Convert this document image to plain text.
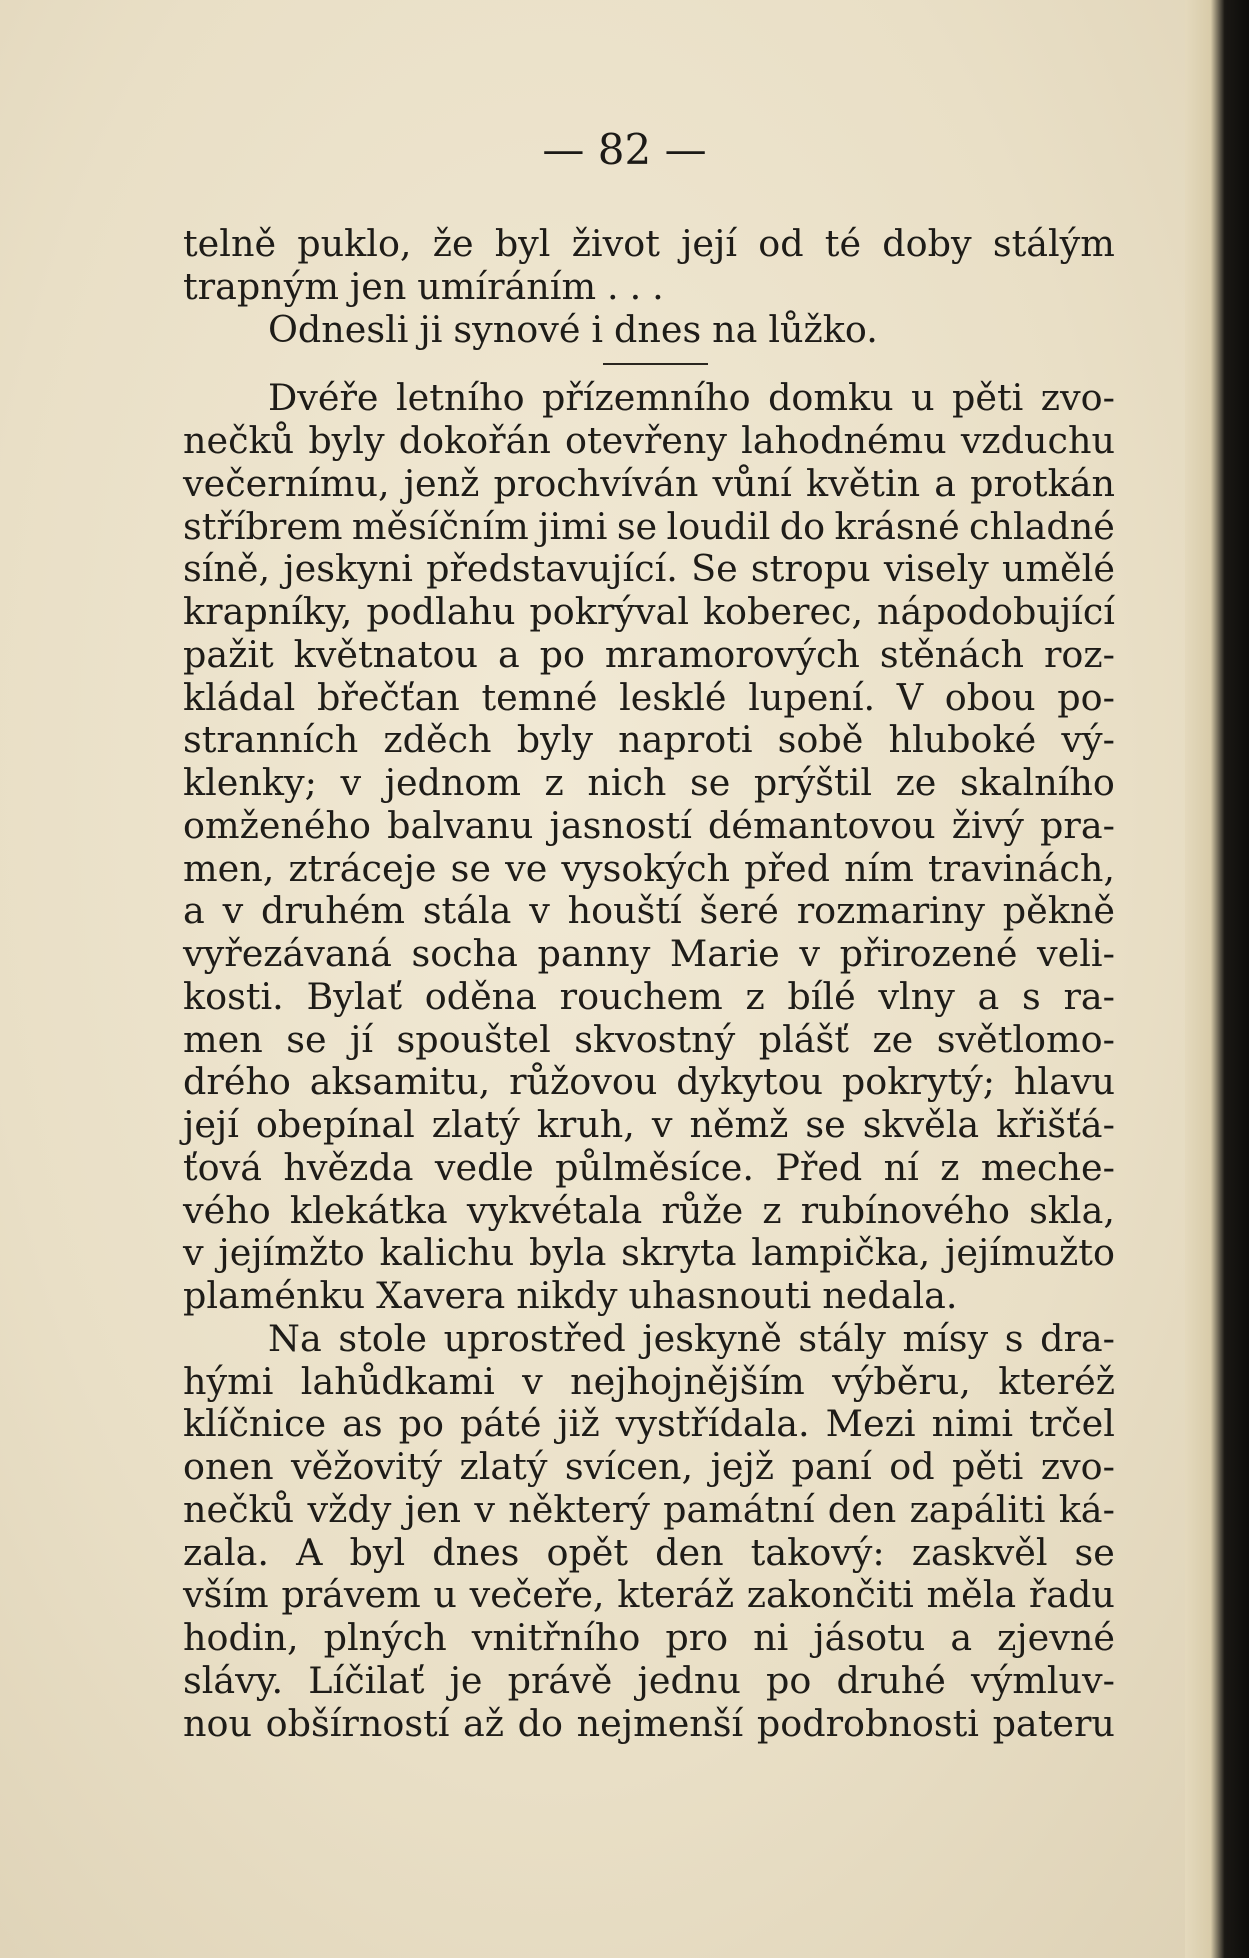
— 82 —
telně puklo, že byl život její od té doby stálým
trapným jen umíráním . . .
Odnesli ji synové i dnes na lůžko.
Dvéře letního přízemního domku u pěti zvo-
nečků byly dokořán otevřeny lahodnému vzduchu
večernímu, jenž prochvíván vůní květin a protkán
stříbrem měsíčním jimi se loudil do krásné chladné
síně, jeskyni představující. Se stropu visely umělé
krapníky, podlahu pokrýval koberec, nápodobující
pažit květnatou a po mramorových stěnách roz-
kládal břečťan temné lesklé lupení. V obou po-
stranních zděch byly naproti sobě hluboké vý-
klenky; v jednom z nich se prýštil ze skalního
omženého balvanu jasností démantovou živý pra-
men, ztráceje se ve vysokých před ním travinách,
a v druhém stála v houští šeré rozmariny pěkně
vyřezávaná socha panny Marie v přirozené veli-
kosti. Bylať oděna rouchem z bílé vlny a s ra-
men se jí spouštel skvostný plášť ze světlomo-
drého aksamitu, růžovou dykytou pokrytý; hlavu
její obepínal zlatý kruh, v němž se skvěla křišťá-
ťová hvězda vedle půlměsíce. Před ní z meche-
vého klekátka vykvétala růže z rubínového skla,
v jejímžto kalichu byla skryta lampička, jejímužto
plaménku Xavera nikdy uhasnouti nedala.
Na stole uprostřed jeskyně stály mísy s dra-
hými lahůdkami v nejhojnějším výběru, kteréž
klíčnice as po páté již vystřídala. Mezi nimi trčel
onen věžovitý zlatý svícen, jejž paní od pěti zvo-
nečků vždy jen v některý památní den zapáliti ká-
zala. A byl dnes opět den takový: zaskvěl se
vším právem u večeře, kteráž zakončiti měla řadu
hodin, plných vnitřního pro ni jásotu a zjevné
slávy. Líčilať je právě jednu po druhé výmluv-
nou obšírností až do nejmenší podrobnosti pateru
